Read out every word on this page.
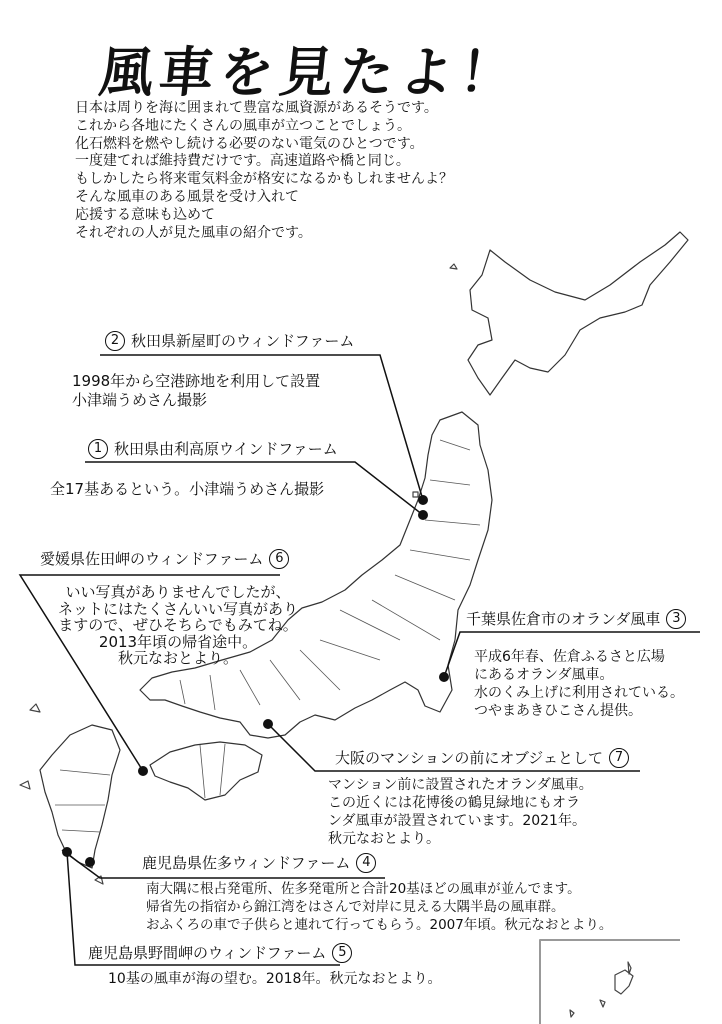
風車を見たよ！
日本は周りを海に囲まれて豊富な風資源があるそうです。
これから各地にたくさんの風車が立つことでしょう。
化石燃料を燃やし続ける必要のない電気のひとつです。
一度建てれば維持費だけです。高速道路や橋と同じ。
もしかしたら将来電気料金が格安になるかもしれませんよ？
そんな風車のある風景を受け入れて
応援する意味も込めて
それぞれの人が見た風車の紹介です。
2 秋田県新屋町のウィンドファーム
1998年から空港跡地を利用して設置
小津端うめさん撮影
1 秋田県由利高原ウインドファーム
全17基あるという。小津端うめさん撮影
愛媛県佐田岬のウィンドファーム 6
いい写真がありませんでしたが、
ネットにはたくさんいい写真があり
ますので、ぜひそちらでもみてね。
2013年頃の帰省途中。
秋元なおとより。
千葉県佐倉市のオランダ風車 3
平成6年春、佐倉ふるさと広場
にあるオランダ風車。
水のくみ上げに利用されている。
つやまあきひこさん提供。
大阪のマンションの前にオブジェとして 7
マンション前に設置されたオランダ風車。
この近くには花博後の鶴見緑地にもオラ
ンダ風車が設置されています。2021年。
秋元なおとより。
鹿児島県佐多ウィンドファーム 4
南大隅に根占発電所、佐多発電所と合計20基ほどの風車が並んでます。
帰省先の指宿から錦江湾をはさんで対岸に見える大隅半島の風車群。
おふくろの車で子供らと連れて行ってもらう。2007年頃。秋元なおとより。
鹿児島県野間岬のウィンドファーム 5
10基の風車が海の望む。2018年。秋元なおとより。
